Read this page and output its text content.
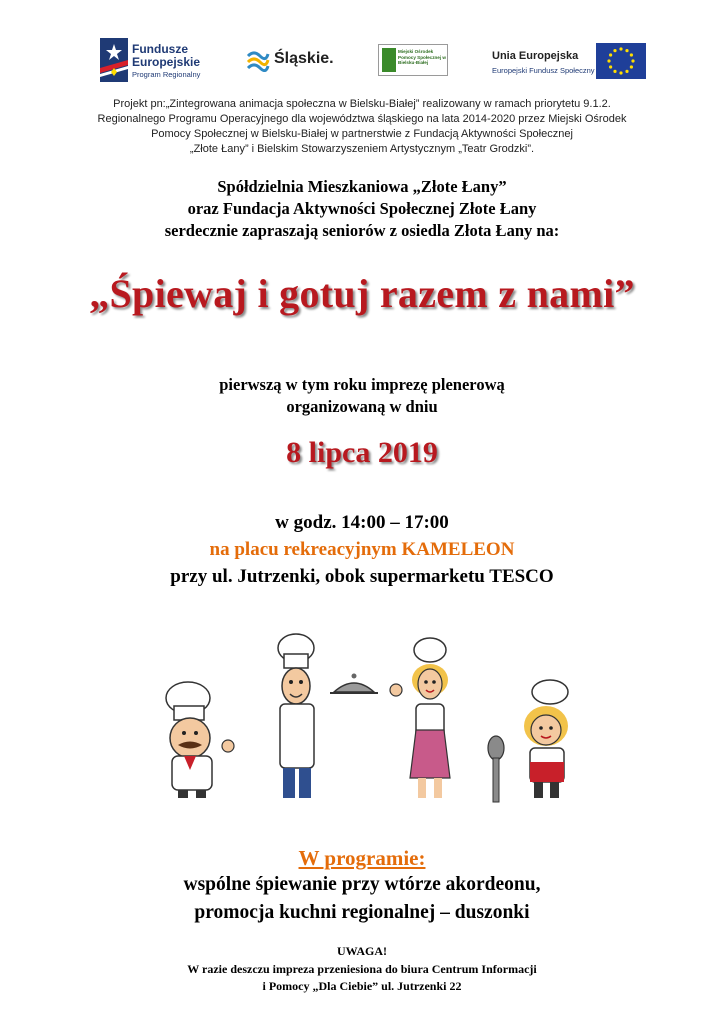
Fundusze
Europejskie
Program Regionalny
Śląskie.	Miejski Ośrodek Pomocy Społecznej w Bielsku-Białej
Unia Europejska
Europejski Fundusz Społeczny
Projekt pn:„Zintegrowana animacja społeczna w Bielsku-Białej” realizowany w ramach priorytetu 9.1.2.
Regionalnego Programu Operacyjnego dla województwa śląskiego na lata 2014-2020 przez Miejski Ośrodek
Pomocy Społecznej w Bielsku-Białej w partnerstwie z Fundacją Aktywności Społecznej
„Złote Łany” i Bielskim Stowarzyszeniem Artystycznym „Teatr Grodzki”.
Spółdzielnia Mieszkaniowa „Złote Łany”
oraz Fundacja Aktywności Społecznej Złote Łany
serdecznie zapraszają seniorów z osiedla Złota Łany na:
„Śpiewaj i gotuj razem z nami”
pierwszą w tym roku imprezę plenerową
organizowaną w dniu
8 lipca 2019
w godz. 14:00 – 17:00
na placu rekreacyjnym KAMELEON
przy ul. Jutrzenki, obok supermarketu TESCO
W programie:
wspólne śpiewanie przy wtórze akordeonu,
promocja kuchni regionalnej – duszonki
UWAGA!
W razie deszczu impreza przeniesiona do biura Centrum Informacji
i Pomocy „Dla Ciebie” ul. Jutrzenki 22
